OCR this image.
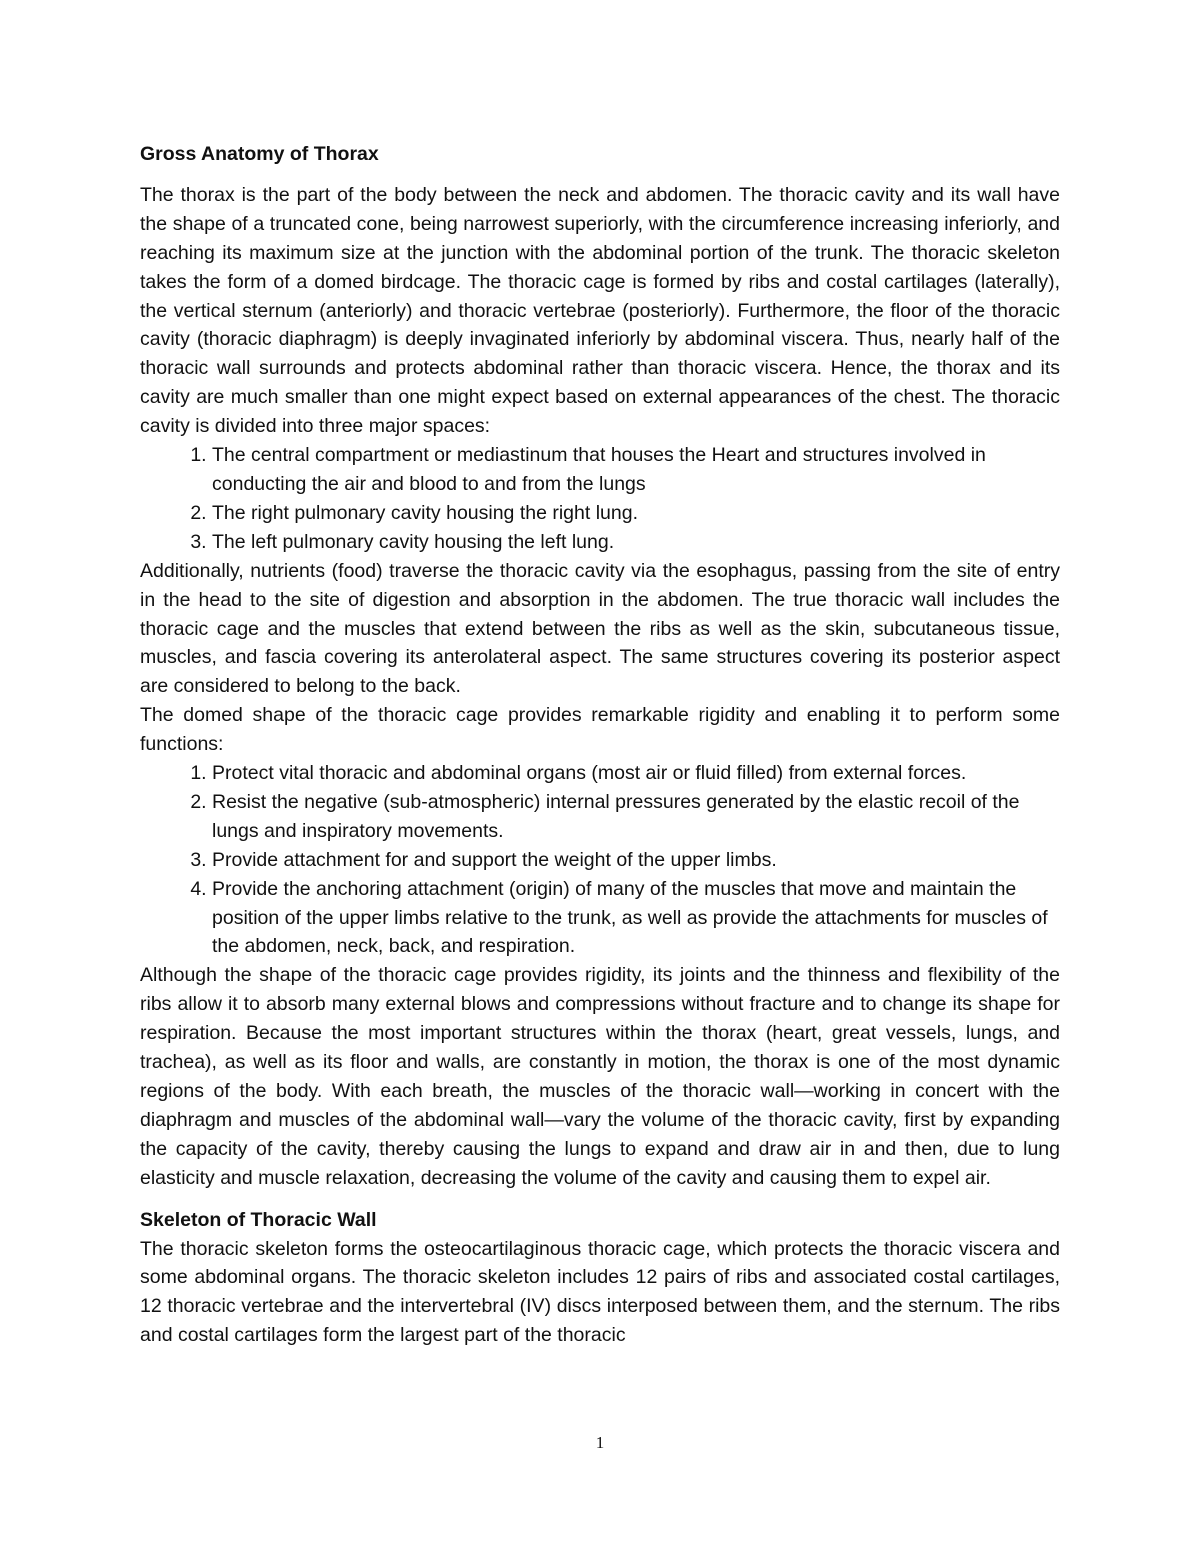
Gross Anatomy of Thorax

The thorax is the part of the body between the neck and abdomen. The thoracic cavity and its wall have the shape of a truncated cone, being narrowest superiorly, with the circumference increasing inferiorly, and reaching its maximum size at the junction with the abdominal portion of the trunk. The thoracic skeleton takes the form of a domed birdcage. The thoracic cage is formed by ribs and costal cartilages (laterally), the vertical sternum (anteriorly) and thoracic vertebrae (posteriorly). Furthermore, the floor of the thoracic cavity (thoracic diaphragm) is deeply invaginated inferiorly by abdominal viscera. Thus, nearly half of the thoracic wall surrounds and protects abdominal rather than thoracic viscera. Hence, the thorax and its cavity are much smaller than one might expect based on external appearances of the chest. The thoracic cavity is divided into three major spaces:

1. The central compartment or mediastinum that houses the Heart and structures involved in conducting the air and blood to and from the lungs
2. The right pulmonary cavity housing the right lung.
3. The left pulmonary cavity housing the left lung.

Additionally, nutrients (food) traverse the thoracic cavity via the esophagus, passing from the site of entry in the head to the site of digestion and absorption in the abdomen. The true thoracic wall includes the thoracic cage and the muscles that extend between the ribs as well as the skin, subcutaneous tissue, muscles, and fascia covering its anterolateral aspect. The same structures covering its posterior aspect are considered to belong to the back.

The domed shape of the thoracic cage provides remarkable rigidity and enabling it to perform some functions:

1. Protect vital thoracic and abdominal organs (most air or fluid filled) from external forces.
2. Resist the negative (sub-atmospheric) internal pressures generated by the elastic recoil of the lungs and inspiratory movements.
3. Provide attachment for and support the weight of the upper limbs.
4. Provide the anchoring attachment (origin) of many of the muscles that move and maintain the position of the upper limbs relative to the trunk, as well as provide the attachments for muscles of the abdomen, neck, back, and respiration.

Although the shape of the thoracic cage provides rigidity, its joints and the thinness and flexibility of the ribs allow it to absorb many external blows and compressions without fracture and to change its shape for respiration. Because the most important structures within the thorax (heart, great vessels, lungs, and trachea), as well as its floor and walls, are constantly in motion, the thorax is one of the most dynamic regions of the body. With each breath, the muscles of the thoracic wall—working in concert with the diaphragm and muscles of the abdominal wall—vary the volume of the thoracic cavity, first by expanding the capacity of the cavity, thereby causing the lungs to expand and draw air in and then, due to lung elasticity and muscle relaxation, decreasing the volume of the cavity and causing them to expel air.

Skeleton of Thoracic Wall

The thoracic skeleton forms the osteocartilaginous thoracic cage, which protects the thoracic viscera and some abdominal organs. The thoracic skeleton includes 12 pairs of ribs and associated costal cartilages, 12 thoracic vertebrae and the intervertebral (IV) discs interposed between them, and the sternum. The ribs and costal cartilages form the largest part of the thoracic

1
